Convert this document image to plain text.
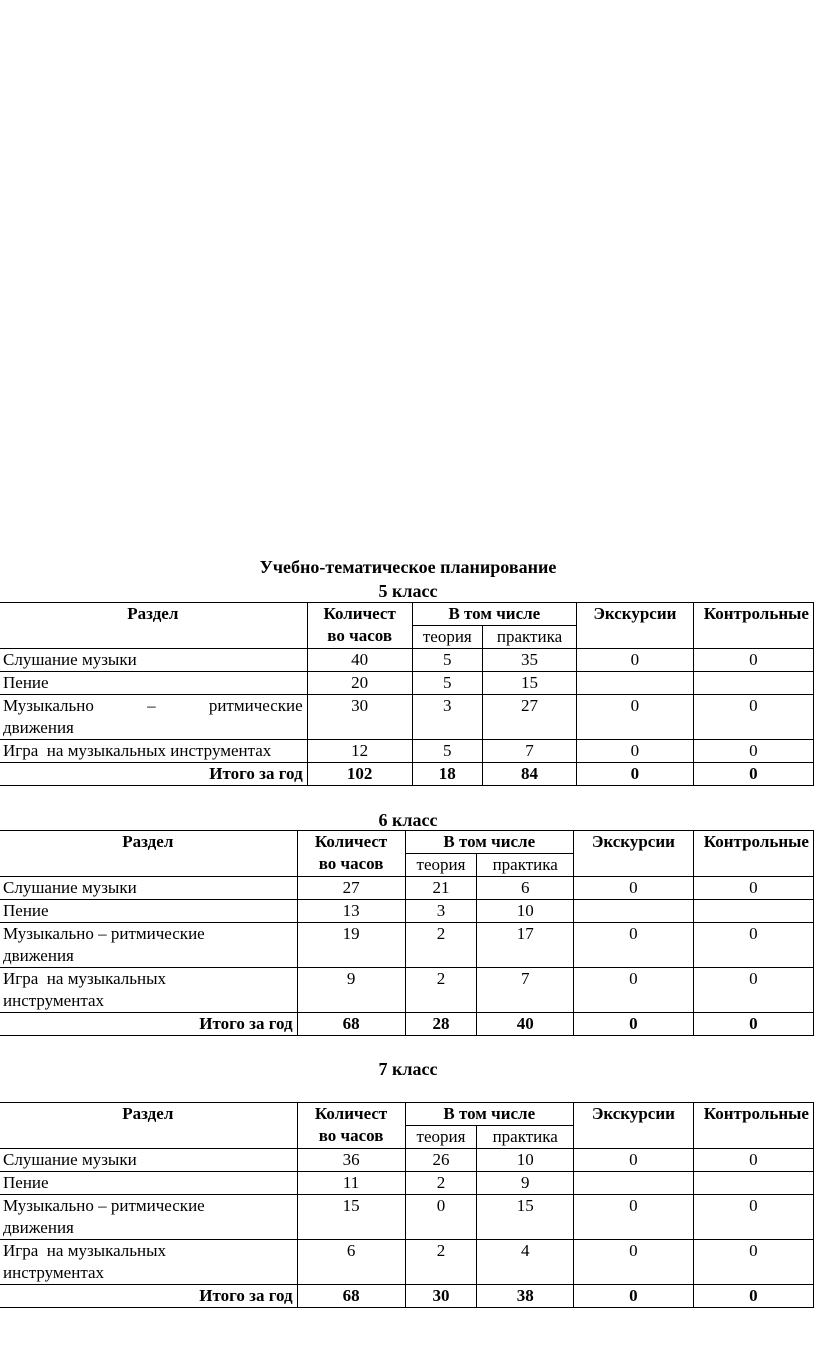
Учебно-тематическое планирование
5 класс
Раздел	Количест
во часов	В том числе		Экскурсии	Контрольные
		теория	практика		
Слушание музыки	40	5	35	0	0
Пение	20	5	15		

Музыкально – ритмические
движения	30	3	27	0	0
Игра  на музыкальных инструментах	12	5	7	0	0
Итого за год	102	18	84	0	0
6 класс
Раздел	Количест
во часов	В том числе		Экскурсии	Контрольные
		теория	практика		
Слушание музыки	27	21	6	0	0
Пение	13	3	10		

Музыкально – ритмические
движения	19	2	17	0	0

Игра  на музыкальных
инструментах	9	2	7	0	0
Итого за год	68	28	40	0	0
7 класс
Раздел	Количест
во часов	В том числе		Экскурсии	Контрольные
		теория	практика		
Слушание музыки	36	26	10	0	0
Пение	11	2	9		

Музыкально – ритмические
движения	15	0	15	0	0

Игра  на музыкальных
инструментах	6	2	4	0	0
Итого за год	68	30	38	0	0
